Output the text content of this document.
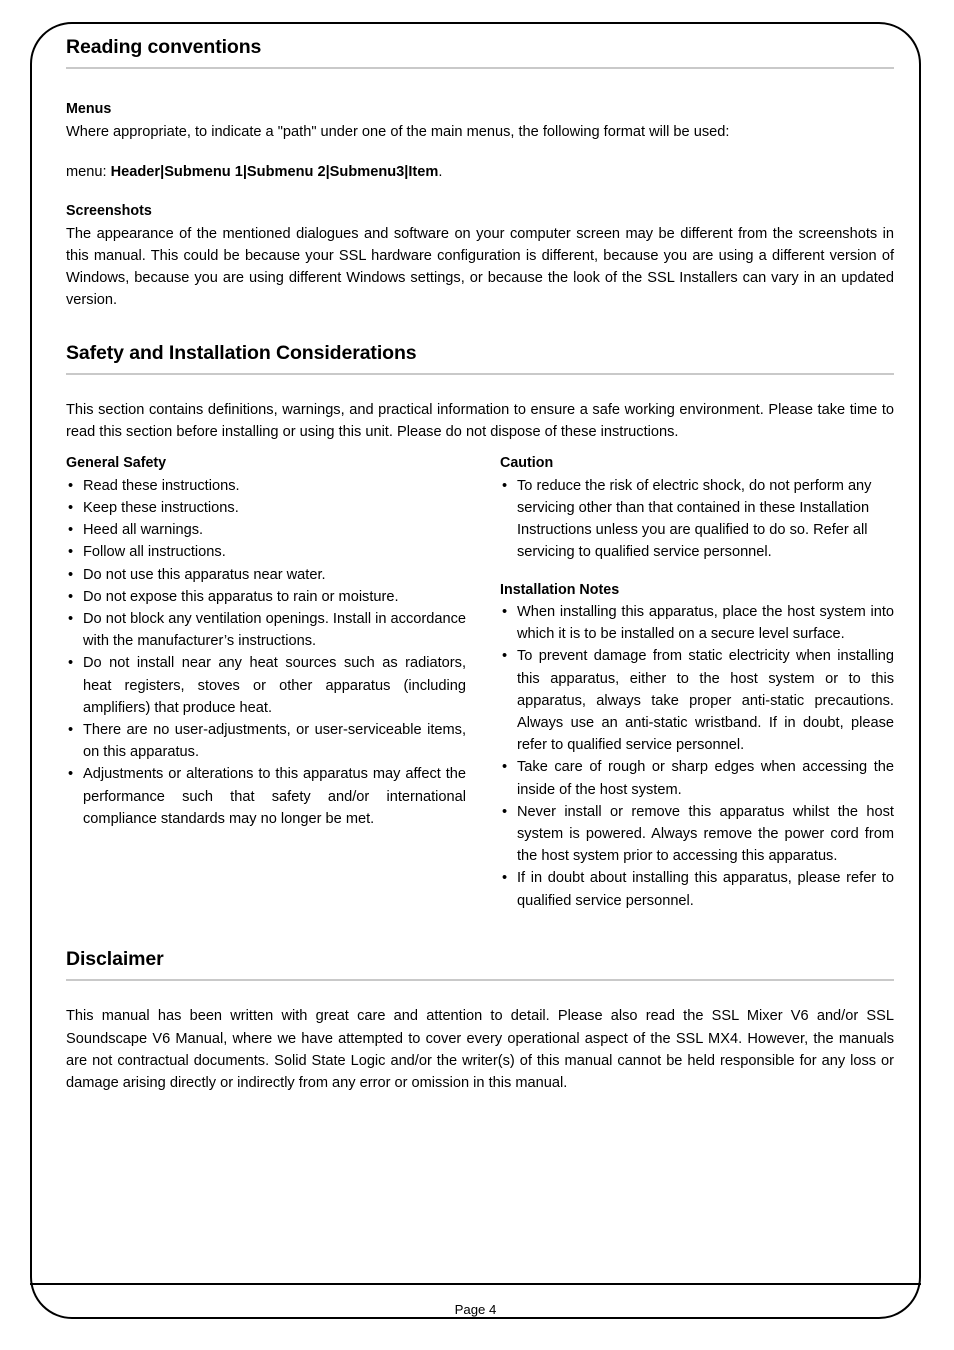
Reading conventions
Menus

Where appropriate, to indicate a "path" under one of the main menus, the following format will be used:

menu: Header|Submenu 1|Submenu 2|Submenu3|Item.

Screenshots

The appearance of the mentioned dialogues and software on your computer screen may be different from the screenshots in this manual. This could be because your SSL hardware configuration is different, because you are using a different version of Windows, because you are using different Windows settings, or because the look of the SSL Installers can vary in an updated version.

Safety and Installation Considerations

This section contains definitions, warnings, and practical information to ensure a safe working environment. Please take time to read this section before installing or using this unit. Please do not dispose of these instructions.

General Safety
• Read these instructions.
• Keep these instructions.
• Heed all warnings.
• Follow all instructions.
• Do not use this apparatus near water.
• Do not expose this apparatus to rain or moisture.
• Do not block any ventilation openings. Install in accordance with the manufacturer’s instructions.
• Do not install near any heat sources such as radiators, heat registers, stoves or other apparatus (including amplifiers) that produce heat.
• There are no user-adjustments, or user-serviceable items, on this apparatus.
• Adjustments or alterations to this apparatus may affect the performance such that safety and/or international compliance standards may no longer be met.
Caution
• To reduce the risk of electric shock, do not perform any servicing other than that contained in these Installation Instructions unless you are qualified to do so. Refer all servicing to qualified service personnel.
Installation Notes
• When installing this apparatus, place the host system into which it is to be installed on a secure level surface.
• To prevent damage from static electricity when installing this apparatus, either to the host system or to this apparatus, always take proper anti-static precautions. Always use an anti-static wristband. If in doubt, please refer to qualified service personnel.
• Take care of rough or sharp edges when accessing the inside of the host system.
• Never install or remove this apparatus whilst the host system is powered. Always remove the power cord from the host system prior to accessing this apparatus.
• If in doubt about installing this apparatus, please refer to qualified service personnel.
Disclaimer

This manual has been written with great care and attention to detail. Please also read the SSL Mixer V6 and/or SSL Soundscape V6 Manual, where we have attempted to cover every operational aspect of the SSL MX4. However, the manuals are not contractual documents. Solid State Logic and/or the writer(s) of this manual cannot be held responsible for any loss or damage arising directly or indirectly from any error or omission in this manual.

Page 4
